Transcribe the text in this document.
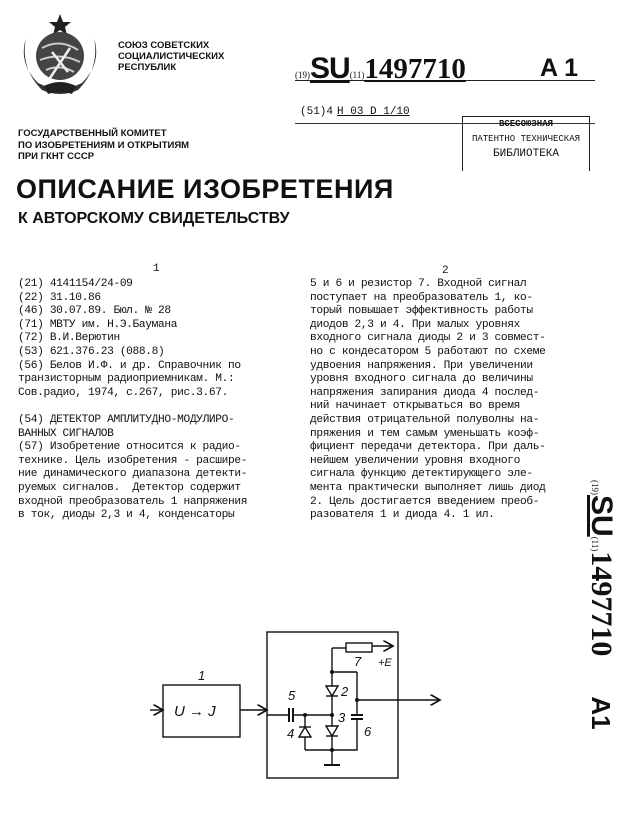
СОЮЗ СОВЕТСКИХ
СОЦИАЛИСТИЧЕСКИХ
РЕСПУБЛИК
(19)SU(11)1497710	A 1
(51)4 H 03 D 1/10
ВСЕСОЮЗНАЯ
ПАТЕНТНО ТЕХНИЧЕСКАЯ
БИБЛИОТЕКА
ГОСУДАРСТВЕННЫЙ КОМИТЕТ
ПО ИЗОБРЕТЕНИЯМ И ОТКРЫТИЯМ
ПРИ ГКНТ СССР
ОПИСАНИЕ ИЗОБРЕТЕНИЯ
К АВТОРСКОМУ СВИДЕТЕЛЬСТВУ
1	2
(21) 4141154/24-09
(22) 31.10.86
(46) 30.07.89. Бюл. № 28
(71) МВТУ им. Н.Э.Баумана
(72) В.И.Верютин
(53) 621.376.23 (088.8)
(56) Белов И.Ф. и др. Справочник по
транзисторным радиоприемникам. М.:
Сов.радио, 1974, с.267, рис.3.67.
(54) ДЕТЕКТОР АМПЛИТУДНО-МОДУЛИРО-
ВАННЫХ СИГНАЛОВ
(57) Изобретение относится к радио-
технике. Цель изобретения - расшире-
ние динамического диапазона детекти-
руемых сигналов.  Детектор содержит
входной преобразователь 1 напряжения
в ток, диоды 2,3 и 4, конденсаторы
5 и 6 и резистор 7. Входной сигнал
поступает на преобразователь 1, ко-
торый повышает эффективность работы
диодов 2,3 и 4. При малых уровнях
входного сигнала диоды 2 и 3 совмест-
но с кондесатором 5 работают по схеме
удвоения напряжения. При увеличении
уровня входного сигнала до величины
напряжения запирания диода 4 послед-
ний начинает открываться во время
действия отрицательной полуволны на-
пряжения и тем самым уменьшать коэф-
фициент передачи детектора. При даль-
нейшем увеличении уровня входного
сигнала функцию детектирующего эле-
мента практически выполняет лишь диод
2. Цель достигается введением преоб-
разователя 1 и диода 4. 1 ил.
(19)SU(11)1497710A1
1
U → J
5
4
2
3
6
7 +E
